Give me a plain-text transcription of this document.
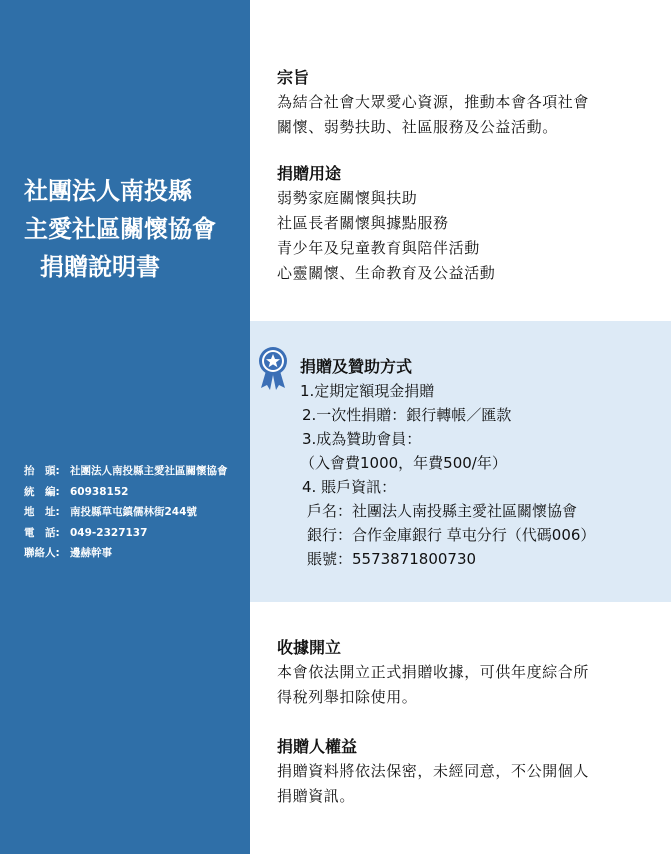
社團法人南投縣
主愛社區關懷協會
捐贈說明書
抬　頭: 社團法人南投縣主愛社區關懷協會
統　編: 60938152
地　址: 南投縣草屯鎮儒林街244號
電　話: 049-2327137
聯絡人: 邊赫幹事
宗旨
為結合社會大眾愛心資源，推動本會各項社會
關懷、弱勢扶助、社區服務及公益活動。
捐贈用途
弱勢家庭關懷與扶助
社區長者關懷與據點服務
青少年及兒童教育與陪伴活動
心靈關懷、生命教育及公益活動
捐贈及贊助方式
1.定期定額現金捐贈
2.一次性捐贈：銀行轉帳／匯款
3.成為贊助會員：
（入會費1000，年費500/年）
4. 賬戶資訊：
戶名：社團法人南投縣主愛社區關懷協會
銀行：合作金庫銀行 草屯分行（代碼006）
賬號：5573871800730
收據開立
本會依法開立正式捐贈收據，可供年度綜合所
得稅列舉扣除使用。
捐贈人權益
捐贈資料將依法保密，未經同意，不公開個人
捐贈資訊。
